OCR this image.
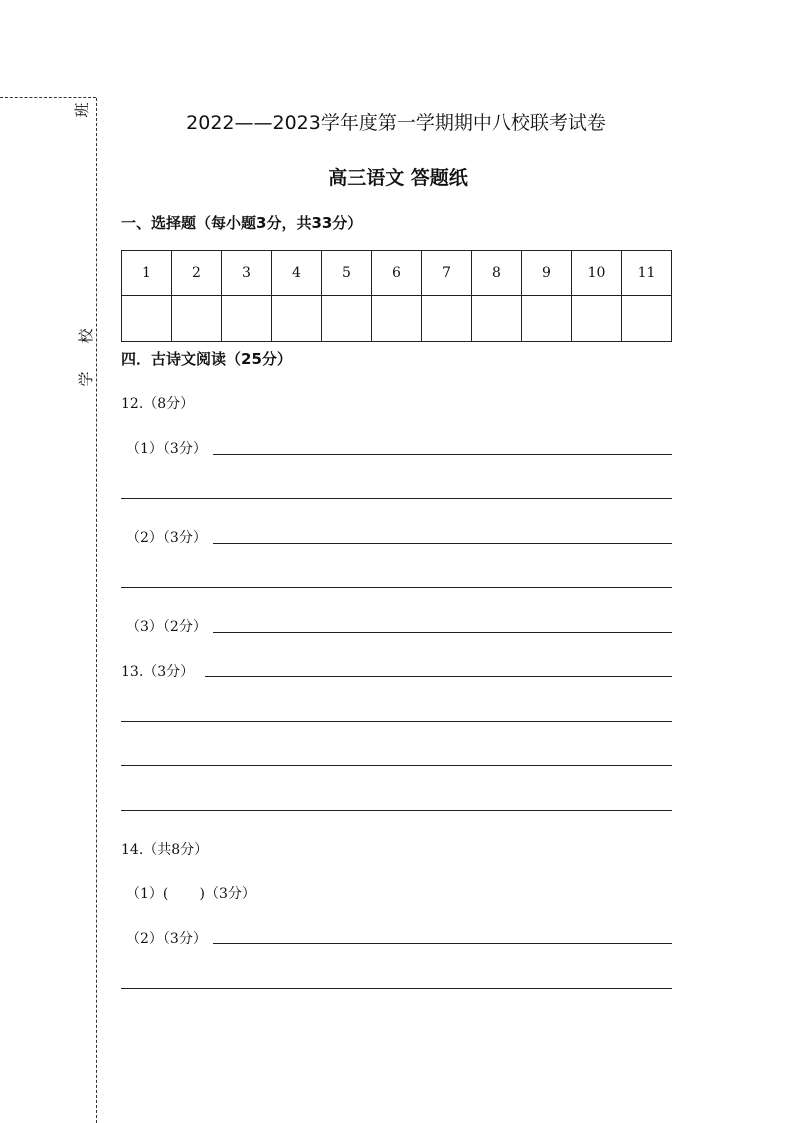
班
校
学
2022——2023学年度第一学期期中八校联考试卷
高三语文 答题纸
一、选择题（每小题3分，共33分）
1	2	3	4	5	6	7	8	9	10	11

四．古诗文阅读（25分）
12.（8分）
（1）（3分）
（2）（3分）
（3）（2分）
13.（3分）
14.（共8分）
（1）(       )（3分）
（2）（3分）
